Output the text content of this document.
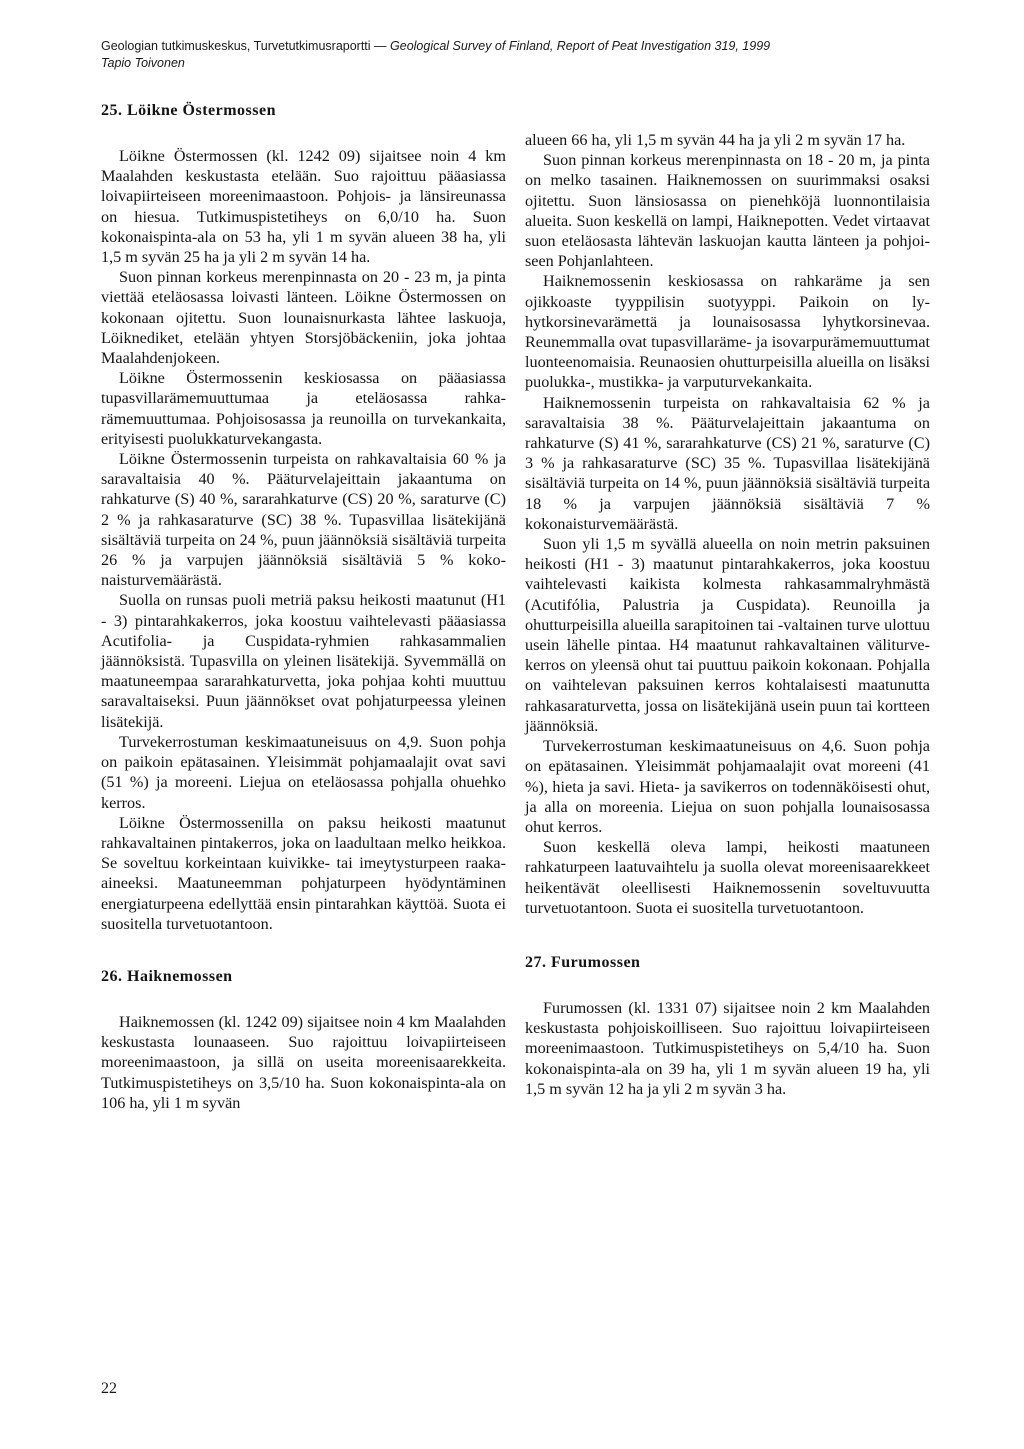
Geologian tutkimuskeskus, Turvetutkimusraportti — Geological Survey of Finland, Report of Peat Investigation 319, 1999
Tapio Toivonen
25. Löikne Östermossen

Löikne Östermossen (kl. 1242 09) sijaitsee noin 4 km Maalahden keskustasta etelään. Suo rajoittuu pääasiassa loivapiirteiseen moreenimaastoon. Pohjois- ja länsireunassa on hiesua. Tutkimuspistetiheys on 6,0/10 ha. Suon kokonaispinta-ala on 53 ha, yli 1 m syvän alueen 38 ha, yli 1,5 m syvän 25 ha ja yli 2 m syvän 14 ha.

Suon pinnan korkeus merenpinnasta on 20 - 23 m, ja pinta viettää eteläosassa loivasti länteen. Löikne Östermossen on kokonaan ojitettu. Suon lounaisnurkasta lähtee laskuoja, Löiknediket, etelään yhtyen Storsjöbäckeniin, joka johtaa Maalahdenjokeen.

Löikne Östermossenin keskiosassa on pääasiassa tupasvillarämemuuttumaa ja eteläosassa rahkarämemuuttumaa. Pohjoisosassa ja reunoilla on turvekankaita, erityisesti puolukkaturvekangasta.

Löikne Östermossenin turpeista on rahkavaltaisia 60 % ja saravaltaisia 40 %. Pääturvelajeittain jakaantuma on rahkaturve (S) 40 %, sararahkaturve (CS) 20 %, saraturve (C) 2 % ja rahkasaraturve (SC) 38 %. Tupasvillaa lisätekijänä sisältäviä turpeita on 24 %, puun jäännöksiä sisältäviä turpeita 26 % ja varpujen jäännöksiä sisältäviä 5 % kokonaisturvemäärästä.

Suolla on runsas puoli metriä paksu heikosti maatunut (H1 - 3) pintarahkakerros, joka koostuu vaihtelevasti pääasiassa Acutifolia- ja Cuspidata-ryhmien rahkasammalien jäännöksistä. Tupasvilla on yleinen lisätekijä. Syvemmällä on maatuneempaa sararahkaturvetta, joka pohjaa kohti muuttuu saravaltaiseksi. Puun jäännökset ovat pohjaturpeessa yleinen lisätekijä.

Turvekerrostuman keskimaatuneisuus on 4,9. Suon pohja on paikoin epätasainen. Yleisimmät pohjamaalajit ovat savi (51 %) ja moreeni. Liejua on eteläosassa pohjalla ohuehko kerros.

Löikne Östermossenilla on paksu heikosti maatunut rahkavaltainen pintakerros, joka on laadultaan melko heikkoa. Se soveltuu korkeintaan kuivikke- tai imeytysturpeen raaka-aineeksi. Maatuneemman pohjaturpeen hyödyntäminen energiaturpeena edellyttää ensin pintarahkan käyttöä. Suota ei suositella turvetuotantoon.

26. Haiknemossen

Haiknemossen (kl. 1242 09) sijaitsee noin 4 km Maalahden keskustasta lounaaseen. Suo rajoittuu loivapiirteiseen moreenimaastoon, ja sillä on useita moreenisaarekkeita. Tutkimuspistetiheys on 3,5/10 ha. Suon kokonaispinta-ala on 106 ha, yli 1 m syvän

alueen 66 ha, yli 1,5 m syvän 44 ha ja yli 2 m syvän 17 ha.

Suon pinnan korkeus merenpinnasta on 18 - 20 m, ja pinta on melko tasainen. Haiknemossen on suurimmaksi osaksi ojitettu. Suon länsiosassa on pienehköjä luonnontilaisia alueita. Suon keskellä on lampi, Haiknepotten. Vedet virtaavat suon eteläosasta lähtevän laskuojan kautta länteen ja pohjoiseen Pohjanlahteen.

Haiknemossenin keskiosassa on rahkaräme ja sen ojikkoaste tyyppilisin suotyyppi. Paikoin on lyhytkorsinevarämettä ja lounaisosassa lyhytkorsinevaa. Reunemmalla ovat tupasvillaräme- ja isovarpurämemuuttumat luonteenomaisia. Reunaosien ohutturpeisilla alueilla on lisäksi puolukka-, mustikka- ja varputurvekankaita.

Haiknemossenin turpeista on rahkavaltaisia 62 % ja saravaltaisia 38 %. Pääturvelajeittain jakaantuma on rahkaturve (S) 41 %, sararahkaturve (CS) 21 %, saraturve (C) 3 % ja rahkasaraturve (SC) 35 %. Tupasvillaa lisätekijänä sisältäviä turpeita on 14 %, puun jäännöksiä sisältäviä turpeita 18 % ja varpujen jäännöksiä sisältäviä 7 % kokonaisturvemäärästä.

Suon yli 1,5 m syvällä alueella on noin metrin paksuinen heikosti (H1 - 3) maatunut pintarahkakerros, joka koostuu vaihtelevasti kaikista kolmesta rahkasammalryhmästä (Acutifólia, Palustria ja Cuspidata). Reunoilla ja ohutturpeisilla alueilla sarapitoinen tai -valtainen turve ulottuu usein lähelle pintaa. H4 maatunut rahkavaltainen väliturvekerros on yleensä ohut tai puuttuu paikoin kokonaan. Pohjalla on vaihtelevan paksuinen kerros kohtalaisesti maatunutta rahkasaraturvetta, jossa on lisätekijänä usein puun tai kortteen jäännöksiä.

Turvekerrostuman keskimaatuneisuus on 4,6. Suon pohja on epätasainen. Yleisimmät pohjamaalajit ovat moreeni (41 %), hieta ja savi. Hieta- ja savikerros on todennäköisesti ohut, ja alla on moreenia. Liejua on suon pohjalla lounaisosassa ohut kerros.

Suon keskellä oleva lampi, heikosti maatuneen rahkaturpeen laatuvaihtelu ja suolla olevat moreenisaarekkeet heikentävät oleellisesti Haiknemossenin soveltuvuutta turvetuotantoon. Suota ei suositella turvetuotantoon.

27. Furumossen

Furumossen (kl. 1331 07) sijaitsee noin 2 km Maalahden keskustasta pohjoiskoilliseen. Suo rajoittuu loivapiirteiseen moreenimaastoon. Tutkimuspistetiheys on 5,4/10 ha. Suon kokonaispinta-ala on 39 ha, yli 1 m syvän alueen 19 ha, yli 1,5 m syvän 12 ha ja yli 2 m syvän 3 ha.

22
